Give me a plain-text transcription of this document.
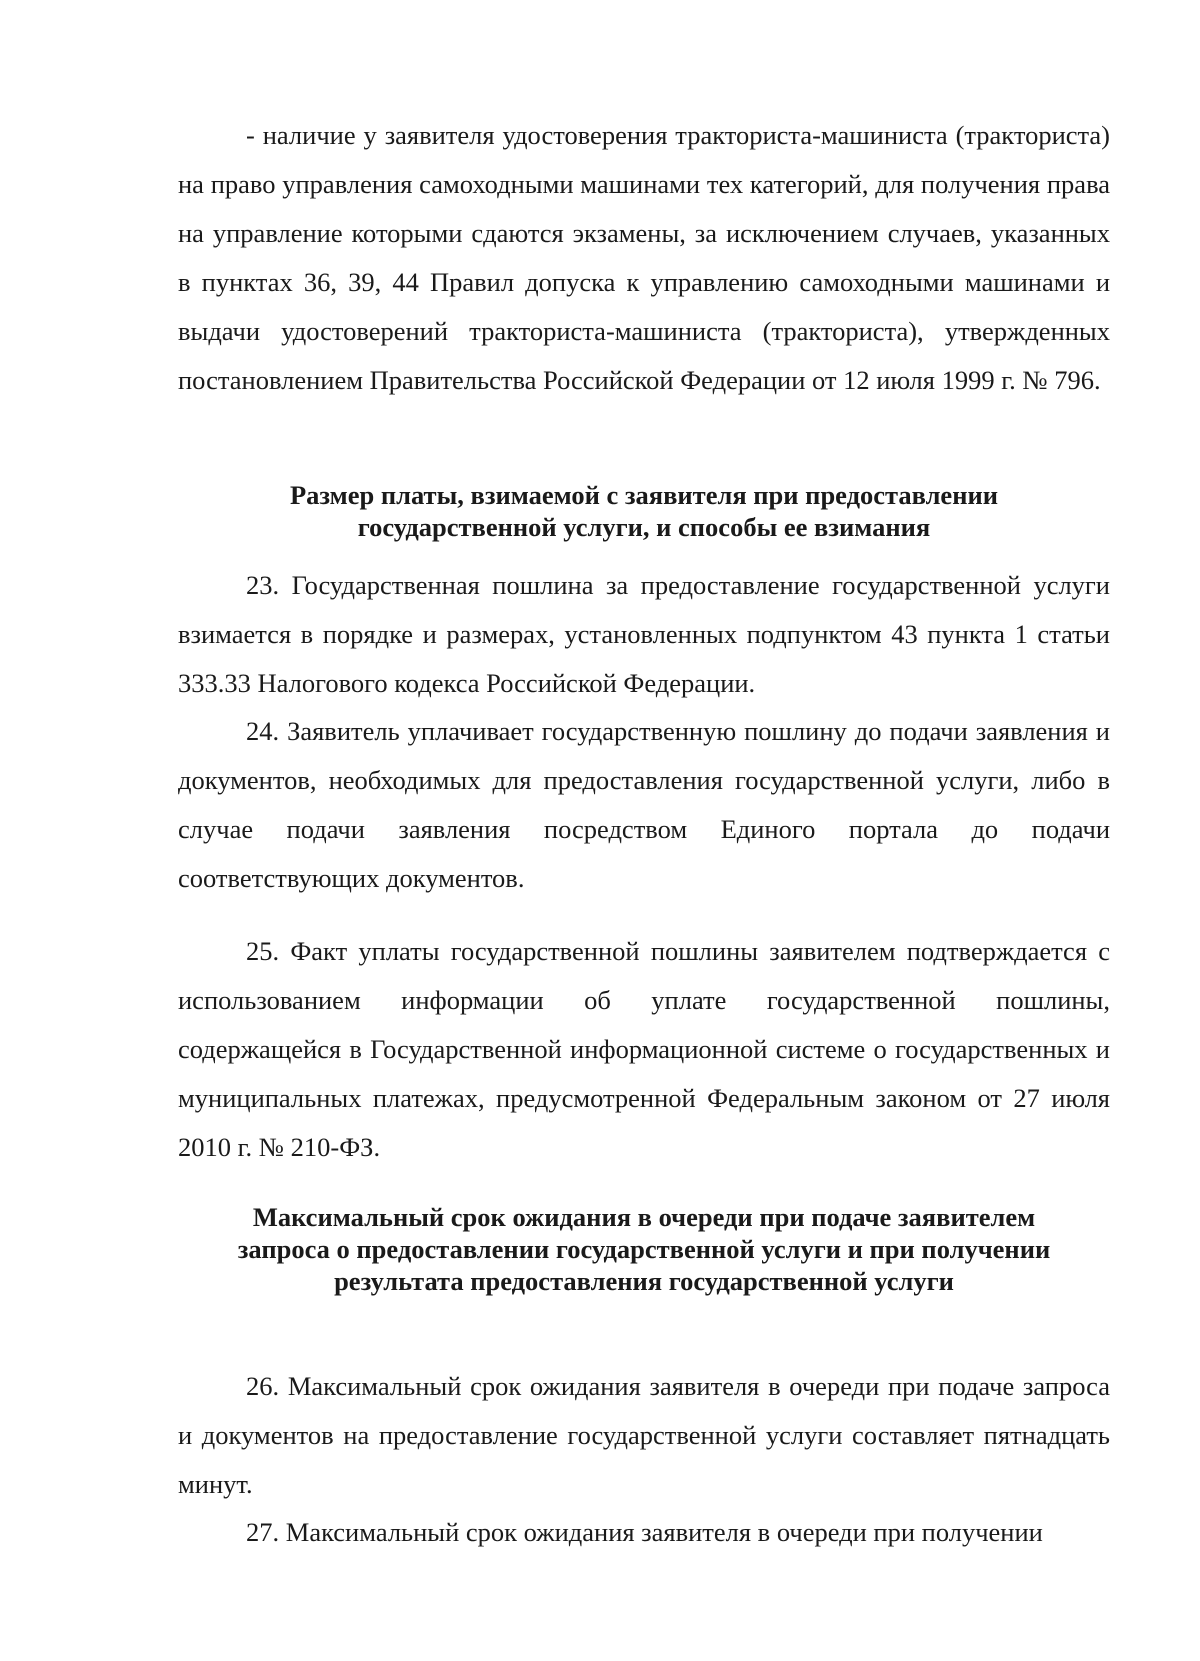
- наличие у заявителя удостоверения тракториста-машиниста (тракториста) на право управления самоходными машинами тех категорий, для получения права на управление которыми сдаются экзамены, за исключением случаев, указанных в пунктах 36, 39, 44 Правил допуска к управлению самоходными машинами и выдачи удостоверений тракториста-машиниста (тракториста), утвержденных постановлением Правительства Российской Федерации от 12 июля 1999 г. № 796.

Размер платы, взимаемой с заявителя при предоставлении
государственной услуги, и способы ее взимания

23. Государственная пошлина за предоставление государственной услуги взимается в порядке и размерах, установленных подпунктом 43 пункта 1 статьи 333.33 Налогового кодекса Российской Федерации.

24. Заявитель уплачивает государственную пошлину до подачи заявления и документов, необходимых для предоставления государственной услуги, либо в случае подачи заявления посредством Единого портала до подачи соответствующих документов.

25. Факт уплаты государственной пошлины заявителем подтверждается с использованием информации об уплате государственной пошлины, содержащейся в Государственной информационной системе о государственных и муниципальных платежах, предусмотренной Федеральным законом от 27 июля 2010 г. № 210-ФЗ.

Максимальный срок ожидания в очереди при подаче заявителем
запроса о предоставлении государственной услуги и при получении
результата предоставления государственной услуги

26. Максимальный срок ожидания заявителя в очереди при подаче запроса и документов на предоставление государственной услуги составляет пятнадцать минут.

27. Максимальный срок ожидания заявителя в очереди при получении
